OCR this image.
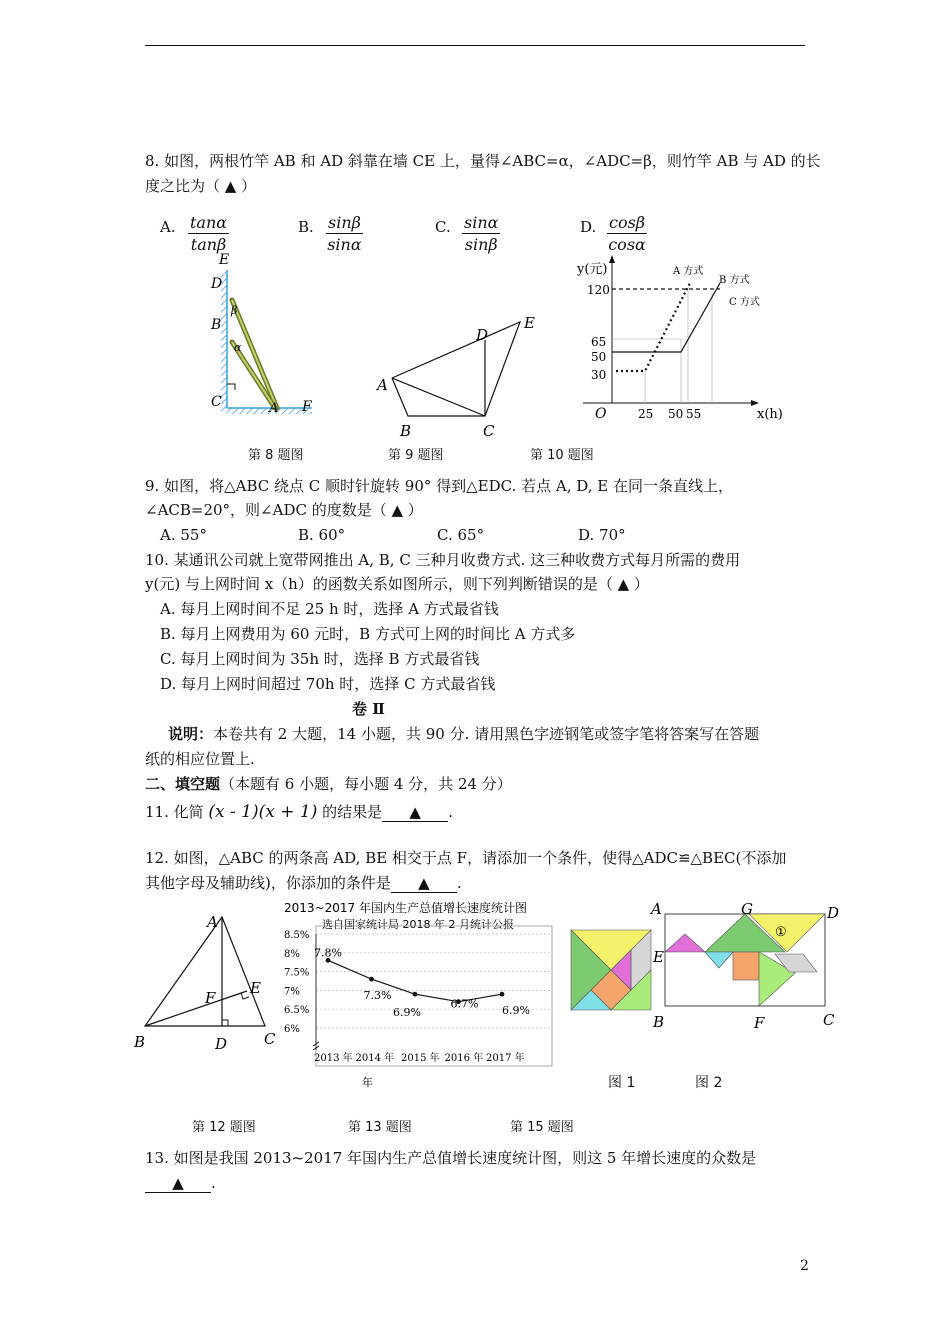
8. 如图，两根竹竿 AB 和 AD 斜靠在墙 CE 上，量得∠ABC=α，∠ADC=β，则竹竿 AB 与 AD 的长
度之比为（ ▲ ）
A. $\frac{\tan\alpha}{\tan\beta}$	B. $\frac{\sin\beta}{\sin\alpha}$	C. $\frac{\sin\alpha}{\sin\beta}$	D. $\frac{\cos\beta}{\cos\alpha}$
E
D
B
C	A F
β
α
A
B	C
D
E
y(元)
x(h)
O
120
65
50
30
25 50 55
A 方式
B 方式
C 方式
第 8 题图	第 9 题图	第 10 题图
9. 如图，将△ABC 绕点 C 顺时针旋转 90° 得到△EDC. 若点 A, D, E 在同一条直线上，
∠ACB=20°，则∠ADC 的度数是（ ▲ ）
A. 55°	B. 60°	C. 65°	D. 70°
10. 某通讯公司就上宽带网推出 A, B, C 三种月收费方式. 这三种收费方式每月所需的费用
y(元) 与上网时间 x（h）的函数关系如图所示，则下列判断错误的是（ ▲ ）
A. 每月上网时间不足 25 h 时，选择 A 方式最省钱
B. 每月上网费用为 60 元时，B 方式可上网的时间比 A 方式多
C. 每月上网时间为 35h 时，选择 B 方式最省钱
D. 每月上网时间超过 70h 时，选择 C 方式最省钱
卷 Ⅱ
说明：本卷共有 2 大题，14 小题，共 90 分. 请用黑色字迹钢笔或签字笔将答案写在答题
纸的相应位置上.
二、填空题（本题有 6 小题，每小题 4 分，共 24 分）
11. 化简 (x - 1)(x + 1) 的结果是 ▲ .
12. 如图，△ABC 的两条高 AD, BE 相交于点 F，请添加一个条件，使得△ADC≌△BEC(不添加
其他字母及辅助线)，你添加的条件是 ▲ .
A
B	C
D
E
F
2013~2017 年国内生产总值增长速度统计图
选自国家统计局 2018 年 2 月统计公报
8.5%
8%
7.5%
7%
6.5%
6%
7.8%
7.3%
6.9%
6.7% 6.9%
2013 年 2014 年 2015 年 2016 年 2017 年
年
①
A	G	D
E
B	F	C
图 1	图 2
第 12 题图	第 13 题图	第 15 题图
13. 如图是我国 2013~2017 年国内生产总值增长速度统计图，则这 5 年增长速度的众数是
▲ .
2
